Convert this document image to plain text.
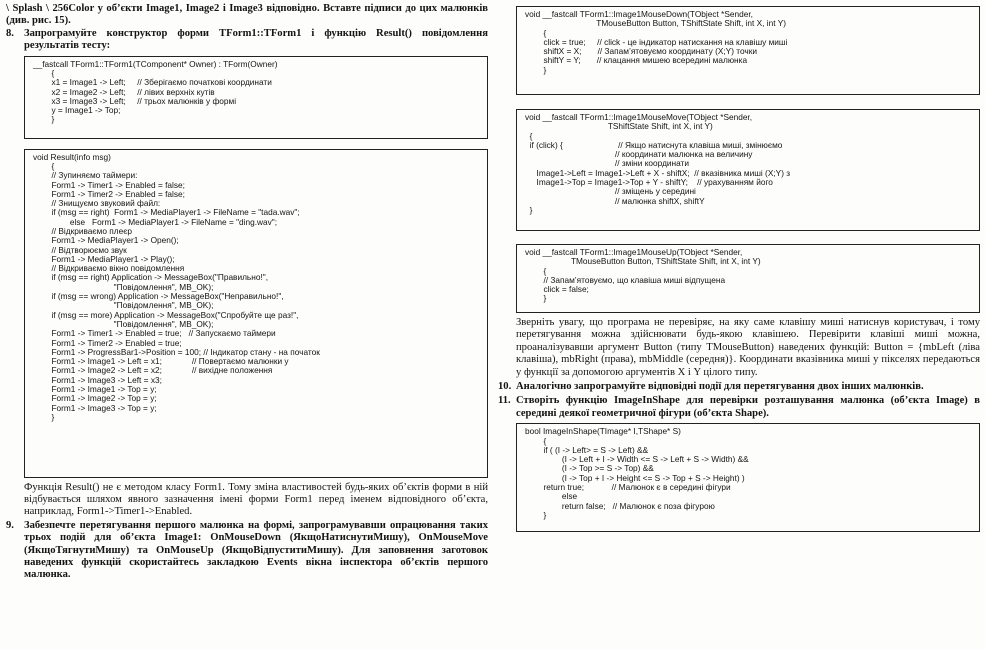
\ Splash \ 256Color у об’єкти Image1, Image2 і Image3 відповідно. Вставте підписи до цих малюнків (див. рис. 15).
8. Запрограмуйте конструктор форми TForm1::TForm1 і функцію Result() повідомлення результатів тесту:
__fastcall TForm1::TForm1(TComponent* Owner) : TForm(Owner)
{
x1 = Image1 -> Left;     // Зберігаємо початкові координати
x2 = Image2 -> Left;     // лівих верхніх кутів
x3 = Image3 -> Left;     // трьох малюнків у формі
y = Image1 -> Top;
}
void Result(info msg)
{
// Зупиняємо таймери:
Form1 -> Timer1 -> Enabled = false;
Form1 -> Timer2 -> Enabled = false;
// Знищуємо звуковий файл:
if (msg == right)  Form1 -> MediaPlayer1 -> FileName = "tada.wav";
else   Form1 -> MediaPlayer1 -> FileName = "ding.wav";
// Відкриваємо плеєр
Form1 -> MediaPlayer1 -> Open();
// Відтворюємо звук
Form1 -> MediaPlayer1 -> Play();
// Відкриваємо вікно повідомлення
if (msg == right) Application -> MessageBox("Правильно!",
"Повідомлення", MB_OK);
if (msg == wrong) Application -> MessageBox("Неправильно!",
"Повідомлення", MB_OK);
if (msg == more) Application -> MessageBox("Спробуйте ще раз!",
"Повідомлення", MB_OK);
Form1 -> Timer1 -> Enabled = true;   // Запускаємо таймери
Form1 -> Timer2 -> Enabled = true;
Form1 -> ProgressBar1->Position = 100; // Індикатор стану - на початок
Form1 -> Image1 -> Left = x1;             // Повертаємо малюнки у
Form1 -> Image2 -> Left = x2;             // вихідне положення
Form1 -> Image3 -> Left = x3;
Form1 -> Image1 -> Top = y;
Form1 -> Image2 -> Top = y;
Form1 -> Image3 -> Top = y;
}
Функція Result() не є методом класу Form1. Тому зміна властивостей будь-яких об’єктів форми в ній відбувається шляхом явного зазначення імені форми Form1 перед іменем відповідного об’єкта, наприклад, Form1->Timer1->Enabled.
9. Забезпечте перетягування першого малюнка на формі, запрограмувавши опрацювання таких трьох подій для об’єкта Image1: OnMouseDown (ЯкщоНатиснутиМишу), OnMouseMove (ЯкщоТягнутиМишу) та OnMouseUp (ЯкщоВідпуститиМишу). Для заповнення заготовок наведених функцій скористайтесь закладкою Events вікна інспектора об’єктів першого малюнка.
void __fastcall TForm1::Image1MouseDown(TObject *Sender,
TMouseButton Button, TShiftState Shift, int X, int Y)
{
click = true;     // click - це індикатор натискання на клавішу миші
shiftX = X;       // Запам’ятовуємо координату (X;Y) точки
shiftY = Y;       // клацання мишею всередині малюнка
}
void __fastcall TForm1::Image1MouseMove(TObject *Sender,
TShiftState Shift, int X, int Y)
{
if (click) {                        // Якщо натиснута клавіша миші, змінюємо
// координати малюнка на величину
// зміни координати
Image1->Left = Image1->Left + X - shiftX;  // вказівника миші (X;Y) з
Image1->Top = Image1->Top + Y - shiftY;    // урахуванням його
// зміщень у середині
// малюнка shiftX, shiftY
}
void __fastcall TForm1::Image1MouseUp(TObject *Sender,
TMouseButton Button, TShiftState Shift, int X, int Y)
{
// Запам’ятовуємо, що клавіша миші відпущена
click = false;
}
Зверніть увагу, що програма не перевіряє, на яку саме клавішу миші натиснув користувач, і тому перетягування можна здійснювати будь-якою клавішею. Перевірити клавіші миші можна, проаналізувавши аргумент Button (типу TMouseButton) наведених функцій: Button = {mbLeft (ліва клавіша), mbRight (права), mbMiddle (середня)}. Координати вказівника миші у пікселях передаються у функції за допомогою аргументів X і Y цілого типу.
10. Аналогічно запрограмуйте відповідні події для перетягування двох інших малюнків.
11. Створіть функцію ImageInShape для перевірки розташування малюнка (об’єкта Image) в середині деякої геометричної фігури (об’єкта Shape).
bool ImageInShape(TImage* I,TShape* S)
{
if ( (I -> Left> = S -> Left) &&
(I -> Left + I -> Width <= S -> Left + S -> Width) &&
(I -> Top >= S -> Top) &&
(I -> Top + I -> Height <= S -> Top + S -> Height) )
return true;            // Малюнок є в середині фігури
else
return false;   // Малюнок є поза фігурою
}
